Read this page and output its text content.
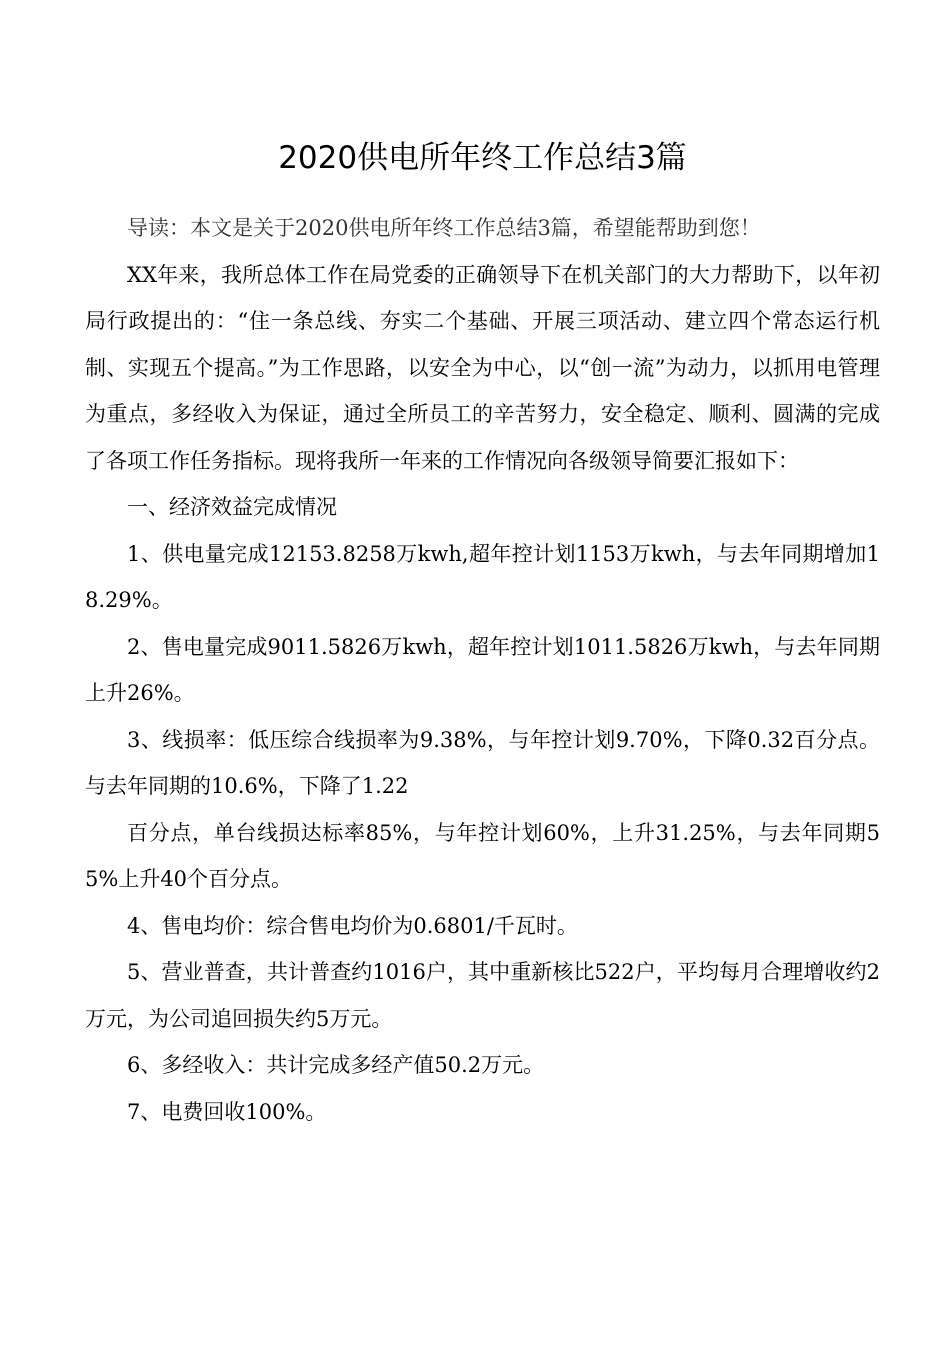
2020供电所年终工作总结3篇

导读：本文是关于2020供电所年终工作总结3篇，希望能帮助到您！

XX年来，我所总体工作在局党委的正确领导下在机关部门的大力帮助下，以年初局行政提出的：“住一条总线、夯实二个基础、开展三项活动、建立四个常态运行机制、实现五个提高。”为工作思路，以安全为中心，以“创一流”为动力，以抓用电管理为重点，多经收入为保证，通过全所员工的辛苦努力，安全稳定、顺利、圆满的完成了各项工作任务指标。现将我所一年来的工作情况向各级领导简要汇报如下：

一、经济效益完成情况

1、供电量完成12153.8258万kwh,超年控计划1153万kwh，与去年同期增加18.29%。

2、售电量完成9011.5826万kwh，超年控计划1011.5826万kwh，与去年同期上升26%。

3、线损率：低压综合线损率为9.38%，与年控计划9.70%，下降0.32百分点。与去年同期的10.6%，下降了1.22

百分点，单台线损达标率85%，与年控计划60%，上升31.25%，与去年同期55%上升40个百分点。

4、售电均价：综合售电均价为0.6801/千瓦时。

5、营业普查，共计普查约1016户，其中重新核比522户，平均每月合理增收约2万元，为公司追回损失约5万元。

6、多经收入：共计完成多经产值50.2万元。

7、电费回收100%。
